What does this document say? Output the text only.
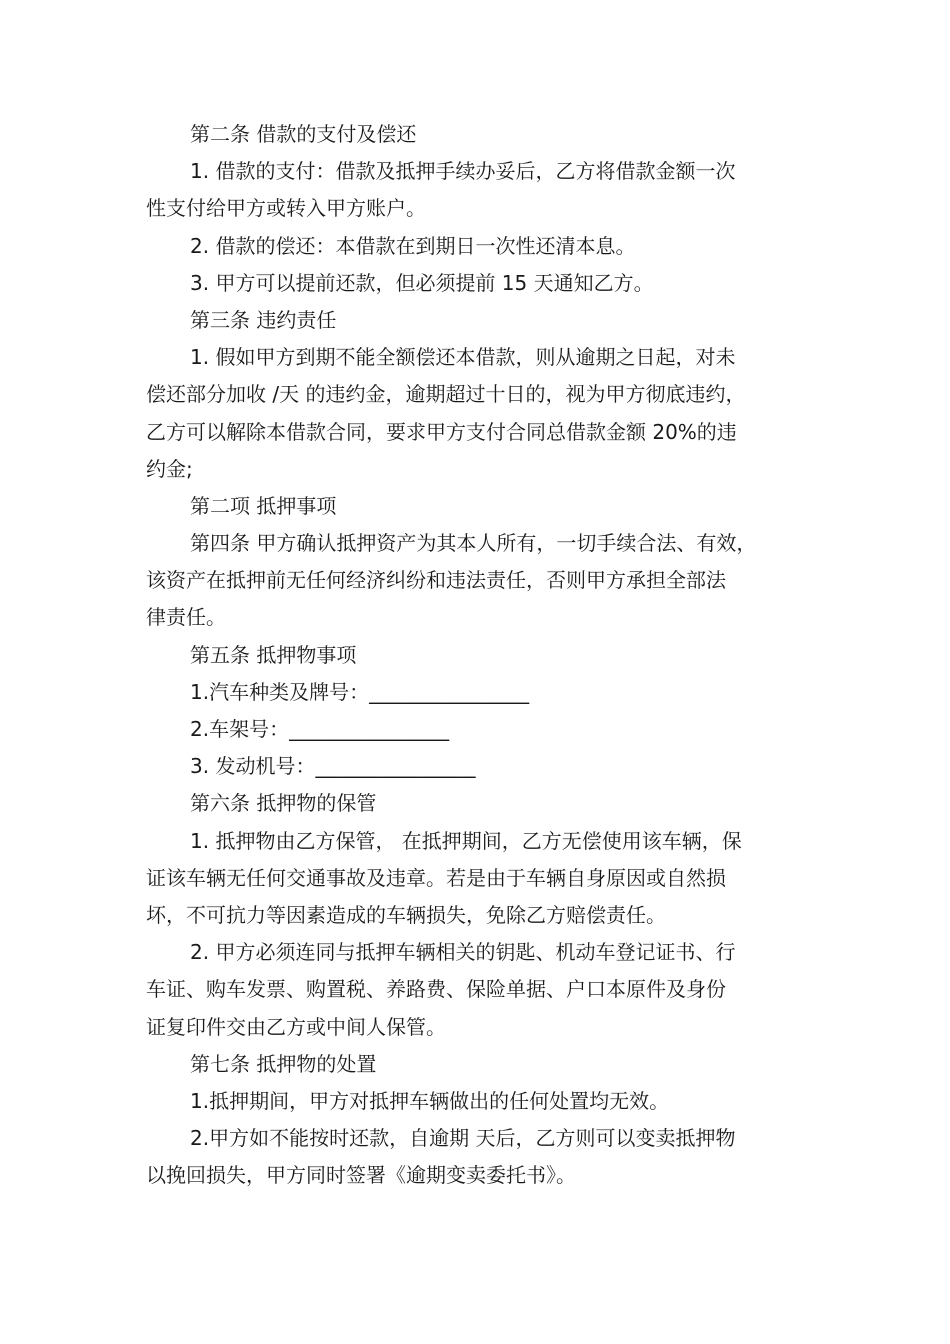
第二条 借款的支付及偿还
1. 借款的支付：借款及抵押手续办妥后，乙方将借款金额一次
性支付给甲方或转入甲方账户。
2. 借款的偿还：本借款在到期日一次性还清本息。
3. 甲方可以提前还款，但必须提前 15 天通知乙方。
第三条 违约责任
1. 假如甲方到期不能全额偿还本借款，则从逾期之日起，对未
偿还部分加收 /天 的违约金，逾期超过十日的，视为甲方彻底违约，
乙方可以解除本借款合同，要求甲方支付合同总借款金额 20%的违
约金;
第二项 抵押事项
第四条 甲方确认抵押资产为其本人所有，一切手续合法、有效，
该资产在抵押前无任何经济纠纷和违法责任，否则甲方承担全部法
律责任。
第五条 抵押物事项
1.汽车种类及牌号：________________
2.车架号：________________
3. 发动机号：________________
第六条 抵押物的保管
1. 抵押物由乙方保管， 在抵押期间，乙方无偿使用该车辆，保
证该车辆无任何交通事故及违章。若是由于车辆自身原因或自然损
坏，不可抗力等因素造成的车辆损失，免除乙方赔偿责任。
2. 甲方必须连同与抵押车辆相关的钥匙、机动车登记证书、行
车证、购车发票、购置税、养路费、保险单据、户口本原件及身份
证复印件交由乙方或中间人保管。
第七条 抵押物的处置
1.抵押期间，甲方对抵押车辆做出的任何处置均无效。
2.甲方如不能按时还款，自逾期 天后，乙方则可以变卖抵押物
以挽回损失，甲方同时签署《逾期变卖委托书》。
